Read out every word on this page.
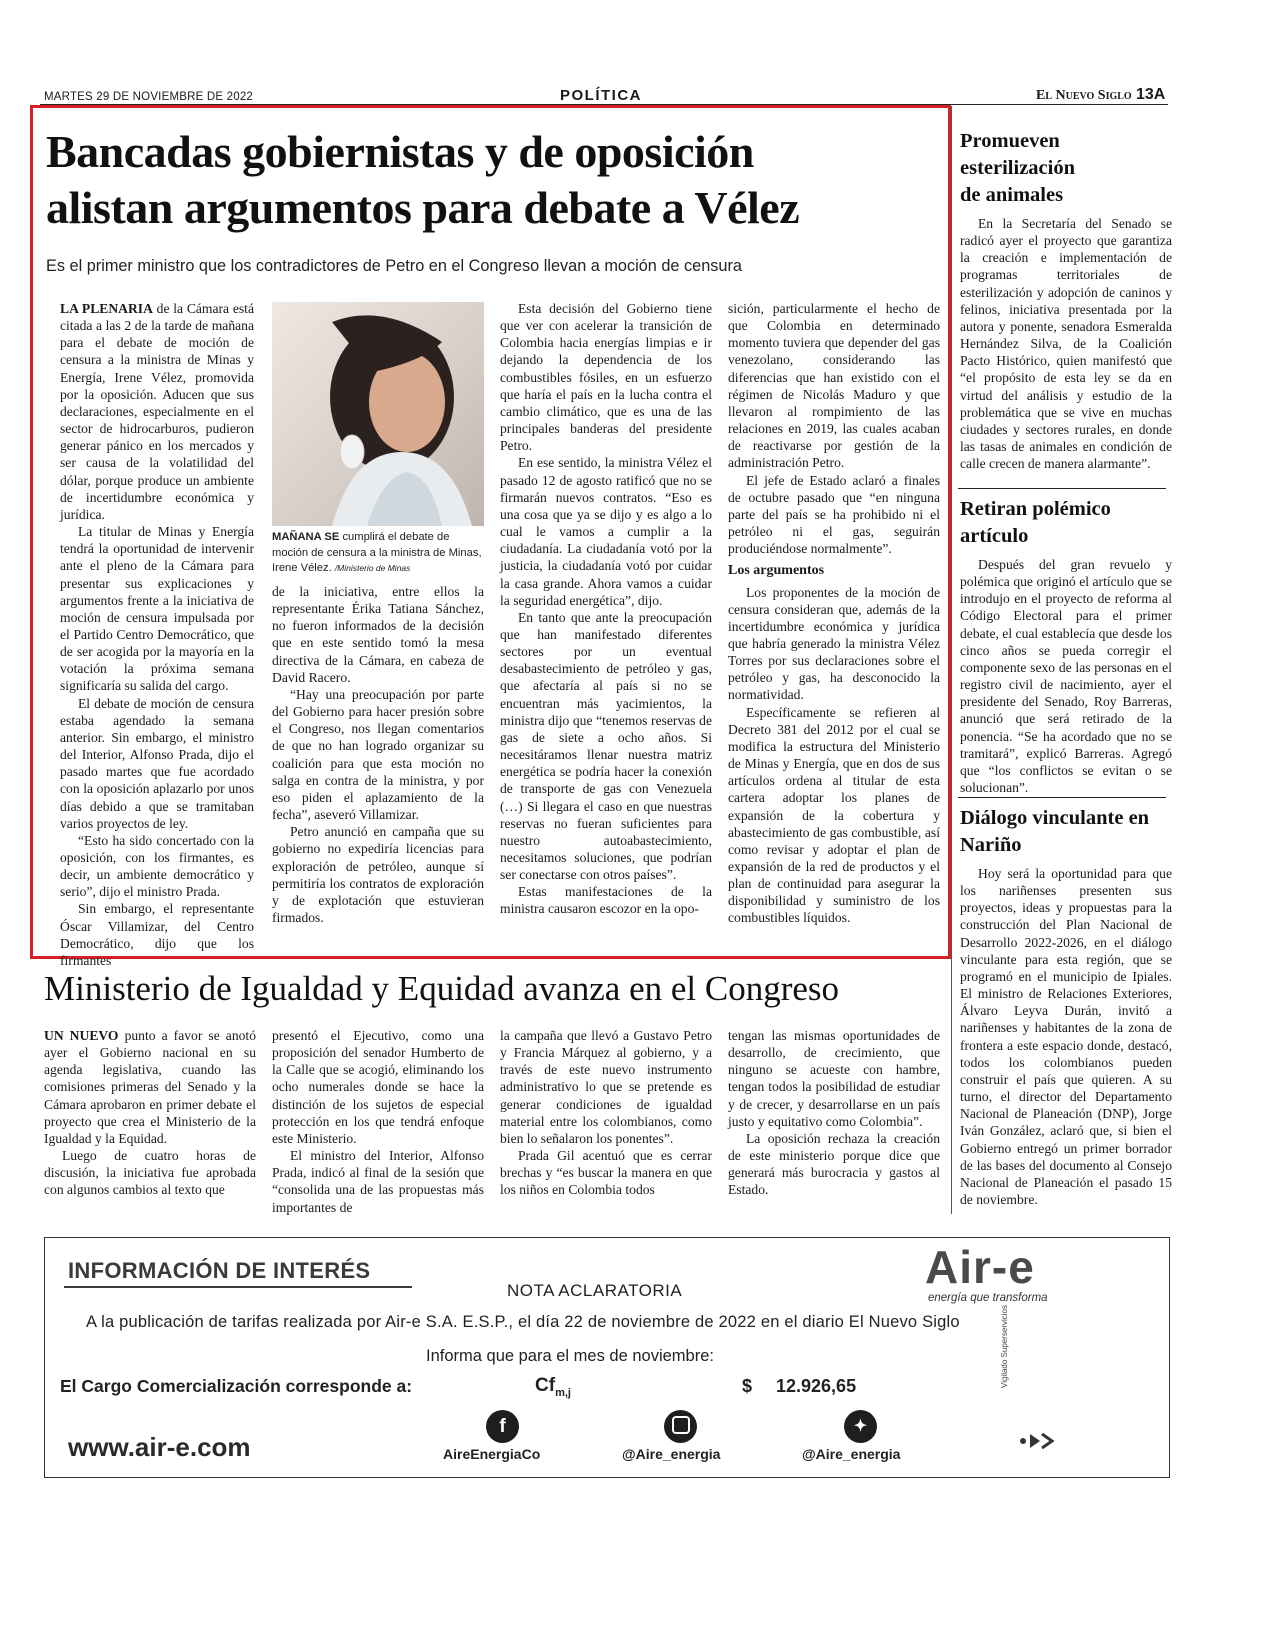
MARTES 29 DE NOVIEMBRE DE 2022	POLÍTICA	El Nuevo Siglo 13A
Bancadas gobiernistas y de oposición
alistan argumentos para debate a Vélez
Es el primer ministro que los contradictores de Petro en el Congreso llevan a moción de censura

LA PLENARIA de la Cámara está citada a las 2 de la tarde de mañana para el debate de moción de censura a la ministra de Minas y Energía, Irene Vélez, promovida por la oposición. Aducen que sus declaraciones, especialmente en el sector de hidrocarburos, pudieron generar pánico en los mercados y ser causa de la volatilidad del dólar, porque produce un ambiente de incertidumbre económica y jurídica.

La titular de Minas y Energía tendrá la oportunidad de intervenir ante el pleno de la Cámara para presentar sus explicaciones y argumentos frente a la iniciativa de moción de censura impulsada por el Partido Centro Democrático, que de ser acogida por la mayoría en la votación la próxima semana significaría su salida del cargo.

El debate de moción de censura estaba agendado la semana anterior. Sin embargo, el ministro del Interior, Alfonso Prada, dijo el pasado martes que fue acordado con la oposición aplazarlo por unos días debido a que se tramitaban varios proyectos de ley.

“Esto ha sido concertado con la oposición, con los firmantes, es decir, un ambiente democrático y serio”, dijo el ministro Prada.

Sin embargo, el representante Óscar Villamizar, del Centro Democrático, dijo que los firmantes

MAÑANA SE cumplirá el debate de moción de censura a la ministra de Minas, Irene Vélez. /Ministerio de Minas

de la iniciativa, entre ellos la representante Érika Tatiana Sánchez, no fueron informados de la decisión que en este sentido tomó la mesa directiva de la Cámara, en cabeza de David Racero.

“Hay una preocupación por parte del Gobierno para hacer presión sobre el Congreso, nos llegan comentarios de que no han logrado organizar su coalición para que esta moción no salga en contra de la ministra, y por eso piden el aplazamiento de la fecha”, aseveró Villamizar.

Petro anunció en campaña que su gobierno no expediría licencias para exploración de petróleo, aunque sí permitiría los contratos de exploración y de explotación que estuvieran firmados.

Esta decisión del Gobierno tiene que ver con acelerar la transición de Colombia hacia energías limpias e ir dejando la dependencia de los combustibles fósiles, en un esfuerzo que haría el país en la lucha contra el cambio climático, que es una de las principales banderas del presidente Petro.

En ese sentido, la ministra Vélez el pasado 12 de agosto ratificó que no se firmarán nuevos contratos. “Eso es una cosa que ya se dijo y es algo a lo cual le vamos a cumplir a la ciudadanía. La ciudadanía votó por la justicia, la ciudadanía votó por cuidar la casa grande. Ahora vamos a cuidar la seguridad energética”, dijo.

En tanto que ante la preocupación que han manifestado diferentes sectores por un eventual desabastecimiento de petróleo y gas, que afectaría al país si no se encuentran más yacimientos, la ministra dijo que “tenemos reservas de gas de siete a ocho años. Si necesitáramos llenar nuestra matriz energética se podría hacer la conexión de transporte de gas con Venezuela (…) Si llegara el caso en que nuestras reservas no fueran suficientes para nuestro autoabastecimiento, necesitamos soluciones, que podrían ser conectarse con otros países”.

Estas manifestaciones de la ministra causaron escozor en la opo-

sición, particularmente el hecho de que Colombia en determinado momento tuviera que depender del gas venezolano, considerando las diferencias que han existido con el régimen de Nicolás Maduro y que llevaron al rompimiento de las relaciones en 2019, las cuales acaban de reactivarse por gestión de la administración Petro.

El jefe de Estado aclaró a finales de octubre pasado que “en ninguna parte del país se ha prohibido ni el petróleo ni el gas, seguirán produciéndose normalmente”.

Los argumentos

Los proponentes de la moción de censura consideran que, además de la incertidumbre económica y jurídica que habría generado la ministra Vélez Torres por sus declaraciones sobre el petróleo y gas, ha desconocido la normatividad.

Específicamente se refieren al Decreto 381 del 2012 por el cual se modifica la estructura del Ministerio de Minas y Energía, que en dos de sus artículos ordena al titular de esta cartera adoptar los planes de expansión de la cobertura y abastecimiento de gas combustible, así como revisar y adoptar el plan de expansión de la red de productos y el plan de continuidad para asegurar la disponibilidad y suministro de los combustibles líquidos.

Promueven esterilización de animales

En la Secretaría del Senado se radicó ayer el proyecto que garantiza la creación e implementación de programas territoriales de esterilización y adopción de caninos y felinos, iniciativa presentada por la autora y ponente, senadora Esmeralda Hernández Silva, de la Coalición Pacto Histórico, quien manifestó que “el propósito de esta ley se da en virtud del análisis y estudio de la problemática que se vive en muchas ciudades y sectores rurales, en donde las tasas de animales en condición de calle crecen de manera alarmante”.

Retiran polémico artículo

Después del gran revuelo y polémica que originó el artículo que se introdujo en el proyecto de reforma al Código Electoral para el primer debate, el cual establecía que desde los cinco años se pueda corregir el componente sexo de las personas en el registro civil de nacimiento, ayer el presidente del Senado, Roy Barreras, anunció que será retirado de la ponencia. “Se ha acordado que no se tramitará”, explicó Barreras. Agregó que “los conflictos se evitan o se solucionan”.

Diálogo vinculante en Nariño

Hoy será la oportunidad para que los nariñenses presenten sus proyectos, ideas y propuestas para la construcción del Plan Nacional de Desarrollo 2022-2026, en el diálogo vinculante para esta región, que se programó en el municipio de Ipiales. El ministro de Relaciones Exteriores, Álvaro Leyva Durán, invitó a nariñenses y habitantes de la zona de frontera a este espacio donde, destacó, todos los colombianos pueden construir el país que quieren. A su turno, el director del Departamento Nacional de Planeación (DNP), Jorge Iván González, aclaró que, si bien el Gobierno entregó un primer borrador de las bases del documento al Consejo Nacional de Planeación el pasado 15 de noviembre.

Ministerio de Igualdad y Equidad avanza en el Congreso

UN NUEVO punto a favor se anotó ayer el Gobierno nacional en su agenda legislativa, cuando las comisiones primeras del Senado y la Cámara aprobaron en primer debate el proyecto que crea el Ministerio de la Igualdad y la Equidad.

Luego de cuatro horas de discusión, la iniciativa fue aprobada con algunos cambios al texto que

presentó el Ejecutivo, como una proposición del senador Humberto de la Calle que se acogió, eliminando los ocho numerales donde se hace la distinción de los sujetos de especial protección en los que tendrá enfoque este Ministerio.

El ministro del Interior, Alfonso Prada, indicó al final de la sesión que “consolida una de las propuestas más importantes de

la campaña que llevó a Gustavo Petro y Francia Márquez al gobierno, y a través de este nuevo instrumento administrativo lo que se pretende es generar condiciones de igualdad material entre los colombianos, como bien lo señalaron los ponentes”.

Prada Gil acentuó que es cerrar brechas y “es buscar la manera en que los niños en Colombia todos

tengan las mismas oportunidades de desarrollo, de crecimiento, que ninguno se acueste con hambre, tengan todos la posibilidad de estudiar y de crecer, y desarrollarse en un país justo y equitativo como Colombia”.

La oposición rechaza la creación de este ministerio porque dice que generará más burocracia y gastos al Estado.

INFORMACIÓN DE INTERÉS
NOTA ACLARATORIA	Air-e
energía que transforma
A la publicación de tarifas realizada por Air-e S.A. E.S.P., el día 22 de noviembre de 2022 en el diario El Nuevo Siglo
Informa que para el mes de noviembre:
El Cargo Comercialización corresponde a:	$Cf_{m,j}$	$ 12.926,65
www.air-e.com
f
AireEnergiaCo	@Aire_energia
✦
@Aire_energia
Vigilado Superservicios
